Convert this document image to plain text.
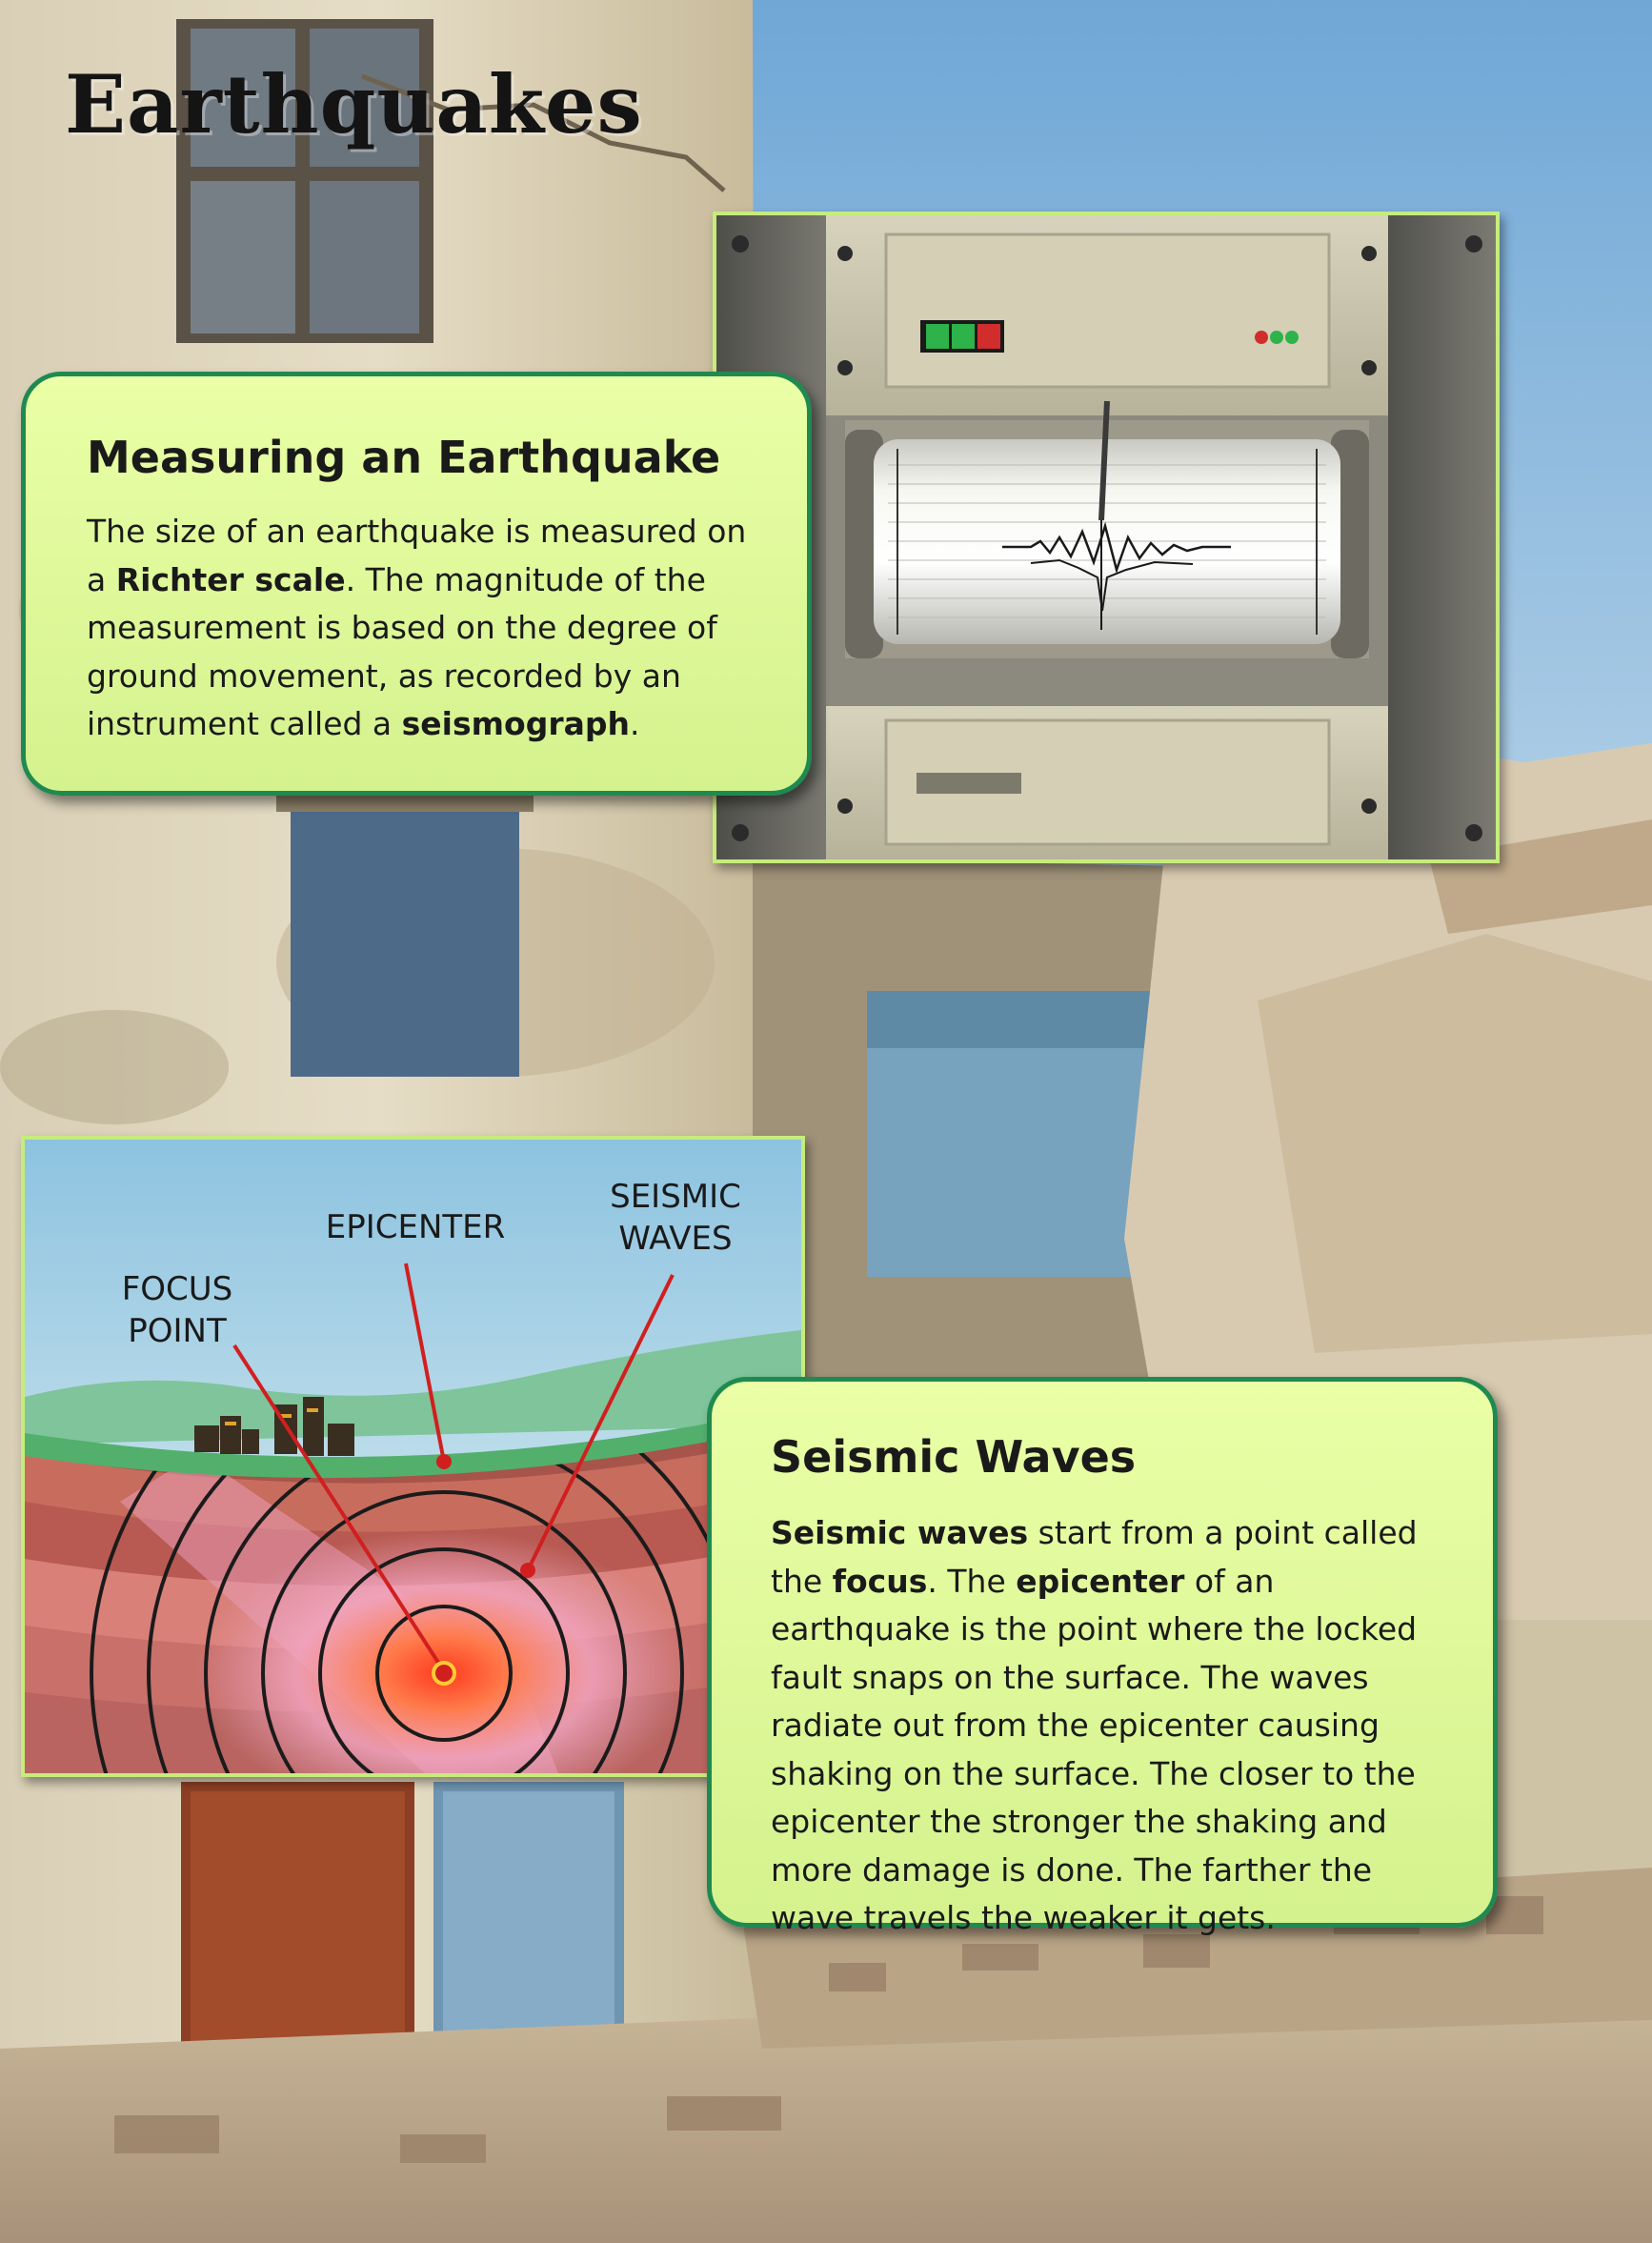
Earthquakes
Measuring an Earthquake

The size of an earthquake is measured on a Richter scale. The magnitude of the measurement is based on the degree of ground movement, as recorded by an instrument called a seismograph.

FOCUS
POINT
EPICENTER
SEISMIC
WAVES
Seismic Waves

Seismic waves start from a point called the focus. The epicenter of an earthquake is the point where the locked fault snaps on the surface. The waves radiate out from the epicenter causing shaking on the surface. The closer to the epicenter the stronger the shaking and more damage is done. The farther the wave travels the weaker it gets.
